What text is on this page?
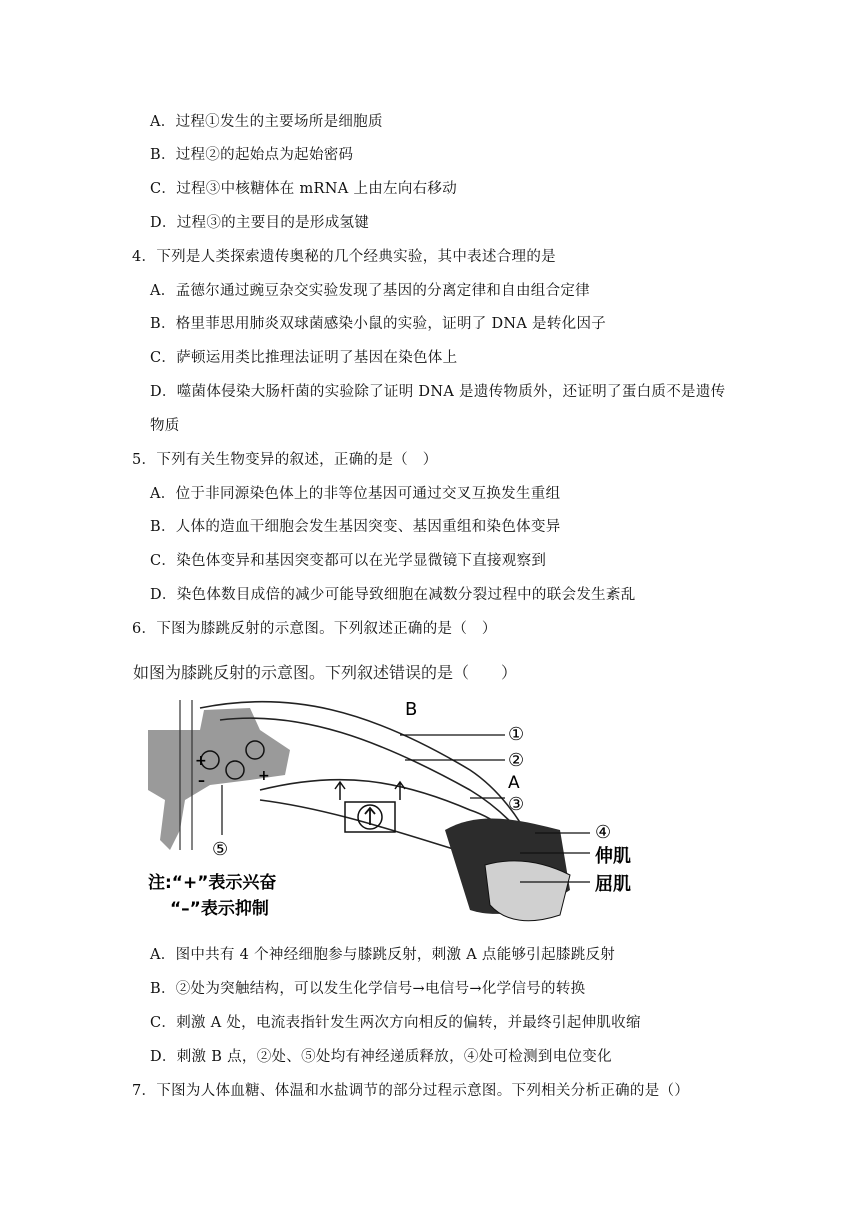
A．过程①发生的主要场所是细胞质
B．过程②的起始点为起始密码
C．过程③中核糖体在 mRNA 上由左向右移动
D．过程③的主要目的是形成氢键
4．下列是人类探索遗传奥秘的几个经典实验，其中表述合理的是
A．孟德尔通过豌豆杂交实验发现了基因的分离定律和自由组合定律
B．格里菲思用肺炎双球菌感染小鼠的实验，证明了 DNA 是转化因子
C．萨顿运用类比推理法证明了基因在染色体上
D．噬菌体侵染大肠杆菌的实验除了证明 DNA 是遗传物质外，还证明了蛋白质不是遗传
物质
5．下列有关生物变异的叙述，正确的是（　）
A．位于非同源染色体上的非等位基因可通过交叉互换发生重组
B．人体的造血干细胞会发生基因突变、基因重组和染色体变异
C．染色体变异和基因突变都可以在光学显微镜下直接观察到
D．染色体数目成倍的减少可能导致细胞在减数分裂过程中的联会发生紊乱
6．下图为膝跳反射的示意图。下列叙述正确的是（　）
如图为膝跳反射的示意图。下列叙述错误的是（　　）
+
–	+
B
①
②
A
③
④
伸肌
屈肌
⑤
注:“+”表示兴奋
“–”表示抑制
A．图中共有 4 个神经细胞参与膝跳反射，刺激 A 点能够引起膝跳反射
B．②处为突触结构，可以发生化学信号→电信号→化学信号的转换
C．刺激 A 处，电流表指针发生两次方向相反的偏转，并最终引起伸肌收缩
D．刺激 B 点，②处、⑤处均有神经递质释放，④处可检测到电位变化
7．下图为人体血糖、体温和水盐调节的部分过程示意图。下列相关分析正确的是（）
